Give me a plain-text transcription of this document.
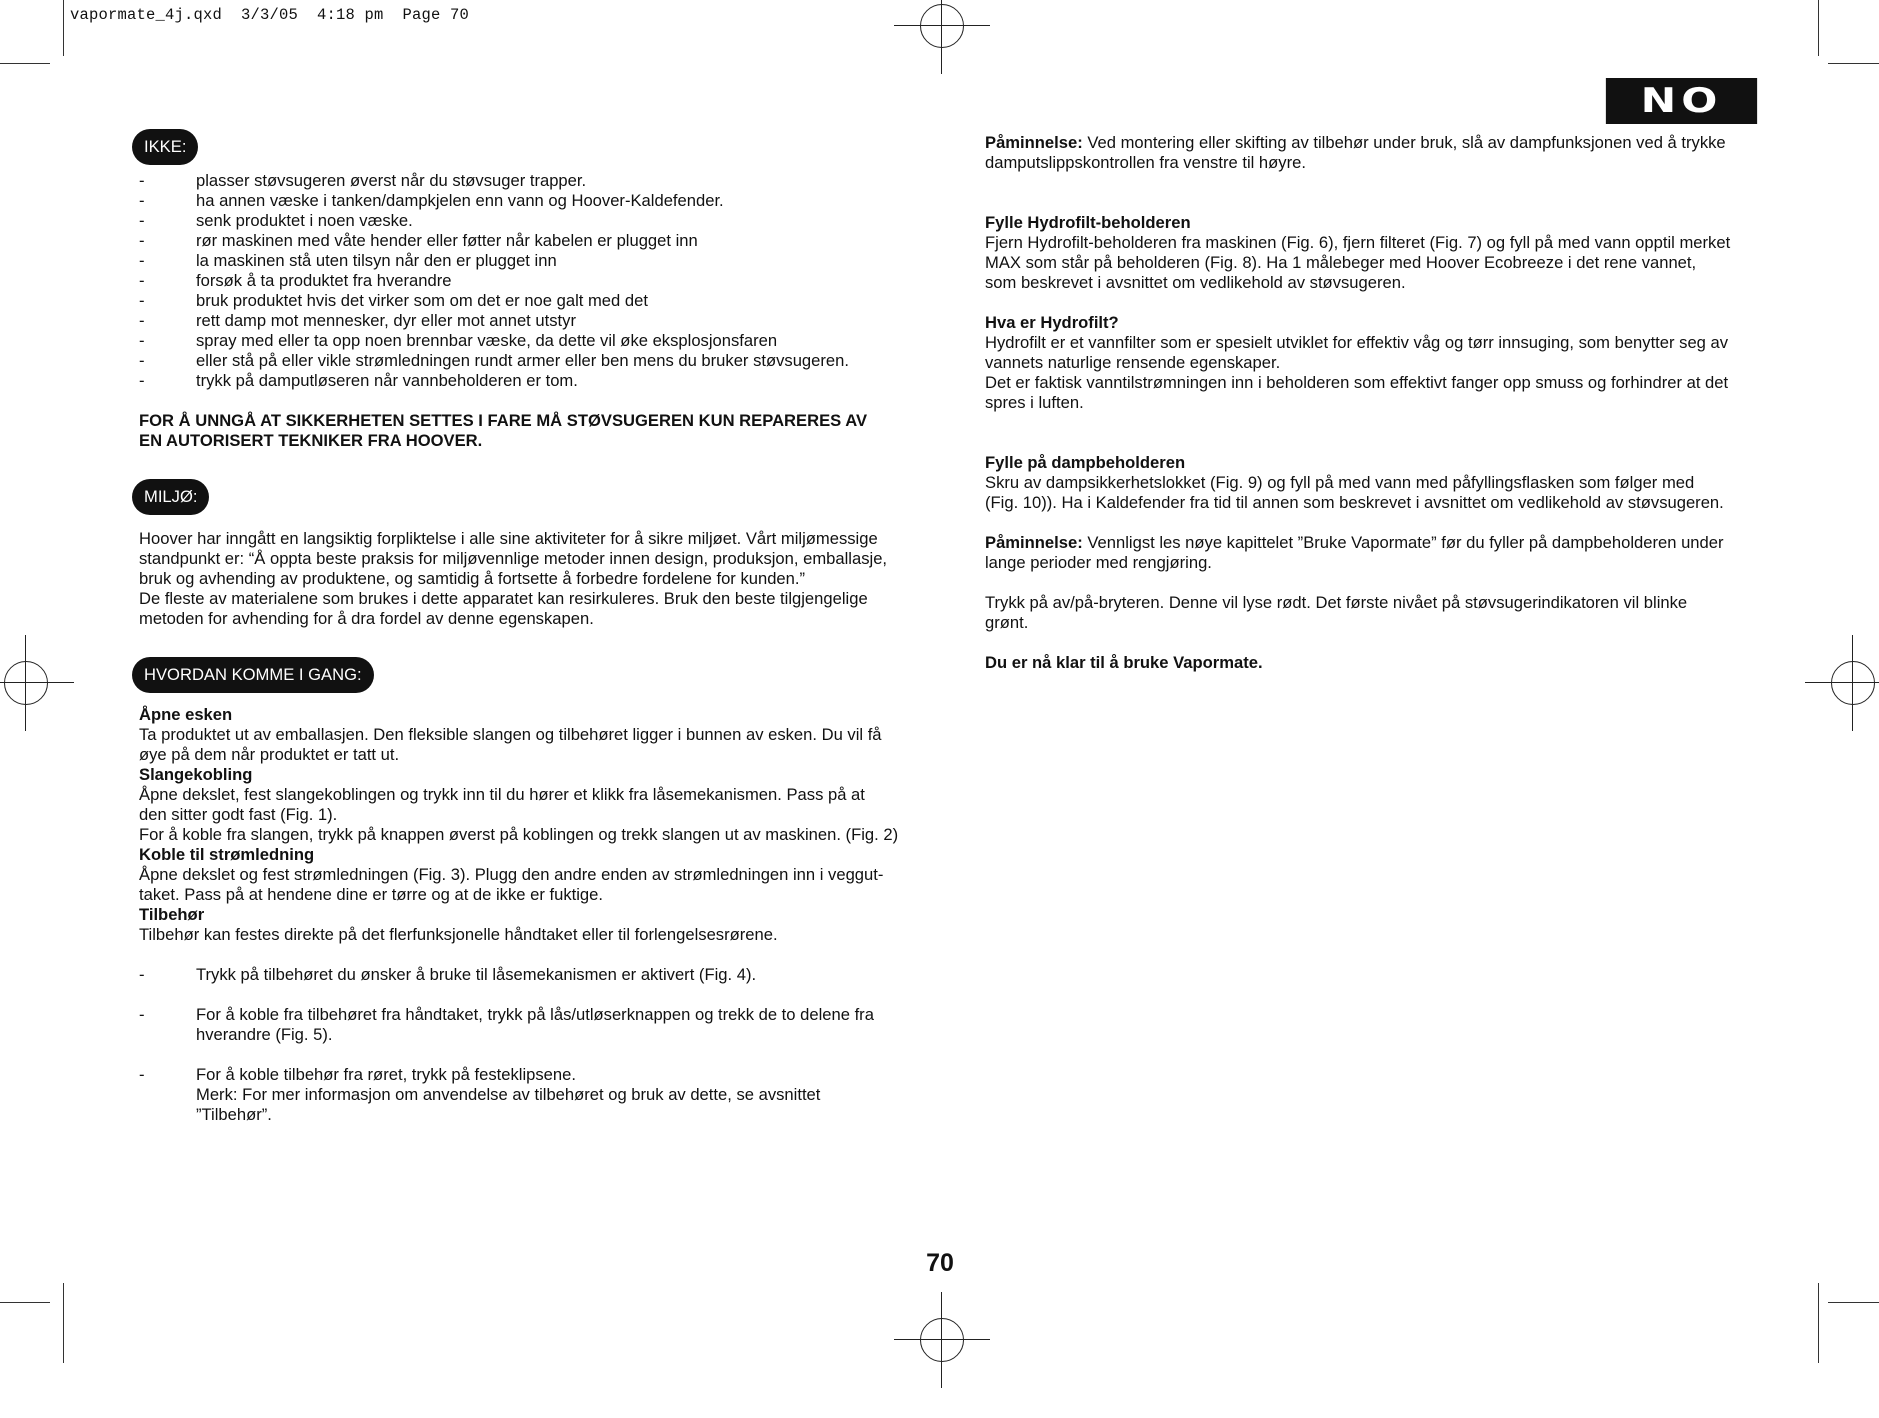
vapormate_4j.qxd  3/3/05  4:18 pm  Page 70
NO
IKKE:
-	plasser støvsugeren øverst når du støvsuger trapper.
-	ha annen væske i tanken/dampkjelen enn vann og Hoover-Kaldefender.
-	senk produktet i noen væske.
-	rør maskinen med våte hender eller føtter når kabelen er plugget inn
-	la maskinen stå uten tilsyn når den er plugget inn
-	forsøk å ta produktet fra hverandre
-	bruk produktet hvis det virker som om det er noe galt med det
-	rett damp mot mennesker, dyr eller mot annet utstyr
-	spray med eller ta opp noen brennbar væske, da dette vil øke eksplosjonsfaren
-	eller stå på eller vikle strømledningen rundt armer eller ben mens du bruker støvsugeren.
-	trykk på damputløseren når vannbeholderen er tom.

FOR Å UNNGÅ AT SIKKERHETEN SETTES I FARE MÅ STØVSUGEREN KUN REPARERES AV
EN AUTORISERT TEKNIKER FRA HOOVER.

MILJØ:

Hoover har inngått en langsiktig forpliktelse i alle sine aktiviteter for å sikre miljøet. Vårt miljømessige
standpunkt er: “Å oppta beste praksis for miljøvennlige metoder innen design, produksjon, emballasje,
bruk og avhending av produktene, og samtidig å fortsette å forbedre fordelene for kunden.”
De fleste av materialene som brukes i dette apparatet kan resirkuleres. Bruk den beste tilgjengelige
metoden for avhending for å dra fordel av denne egenskapen.

HVORDAN KOMME I GANG:

Åpne esken

Ta produktet ut av emballasjen. Den fleksible slangen og tilbehøret ligger i bunnen av esken. Du vil få
øye på dem når produktet er tatt ut.

Slangekobling

Åpne dekslet, fest slangekoblingen og trykk inn til du hører et klikk fra låsemekanismen. Pass på at
den sitter godt fast (Fig. 1).
For å koble fra slangen, trykk på knappen øverst på koblingen og trekk slangen ut av maskinen. (Fig. 2)

Koble til strømledning

Åpne dekslet og fest strømledningen (Fig. 3). Plugg den andre enden av strømledningen inn i veggut-
taket. Pass på at hendene dine er tørre og at de ikke er fuktige.

Tilbehør

Tilbehør kan festes direkte på det flerfunksjonelle håndtaket eller til forlengelsesrørene.

-	Trykk på tilbehøret du ønsker å bruke til låsemekanismen er aktivert (Fig. 4).
-	For å koble fra tilbehøret fra håndtaket, trykk på lås/utløserknappen og trekk de to delene fra
hverandre (Fig. 5).
-	For å koble tilbehør fra røret, trykk på festeklipsene.
Merk: For mer informasjon om anvendelse av tilbehøret og bruk av dette, se avsnittet
”Tilbehør”.

Påminnelse: Ved montering eller skifting av tilbehør under bruk, slå av dampfunksjonen ved å trykke
damputslippskontrollen fra venstre til høyre.

Fylle Hydrofilt-beholderen

Fjern Hydrofilt-beholderen fra maskinen (Fig. 6), fjern filteret (Fig. 7) og fyll på med vann opptil merket
MAX som står på beholderen (Fig. 8). Ha 1 målebeger med Hoover Ecobreeze i det rene vannet,
som beskrevet i avsnittet om vedlikehold av støvsugeren.

Hva er Hydrofilt?

Hydrofilt er et vannfilter som er spesielt utviklet for effektiv våg og tørr innsuging, som benytter seg av
vannets naturlige rensende egenskaper.
Det er faktisk vanntilstrømningen inn i beholderen som effektivt fanger opp smuss og forhindrer at det
spres i luften.

Fylle på dampbeholderen

Skru av dampsikkerhetslokket (Fig. 9) og fyll på med vann med påfyllingsflasken som følger med
(Fig. 10)). Ha i Kaldefender fra tid til annen som beskrevet i avsnittet om vedlikehold av støvsugeren.

Påminnelse: Vennligst les nøye kapittelet ”Bruke Vapormate” før du fyller på dampbeholderen under
lange perioder med rengjøring.

Trykk på av/på-bryteren. Denne vil lyse rødt. Det første nivået på støvsugerindikatoren vil blinke
grønt.

Du er nå klar til å bruke Vapormate.

70
